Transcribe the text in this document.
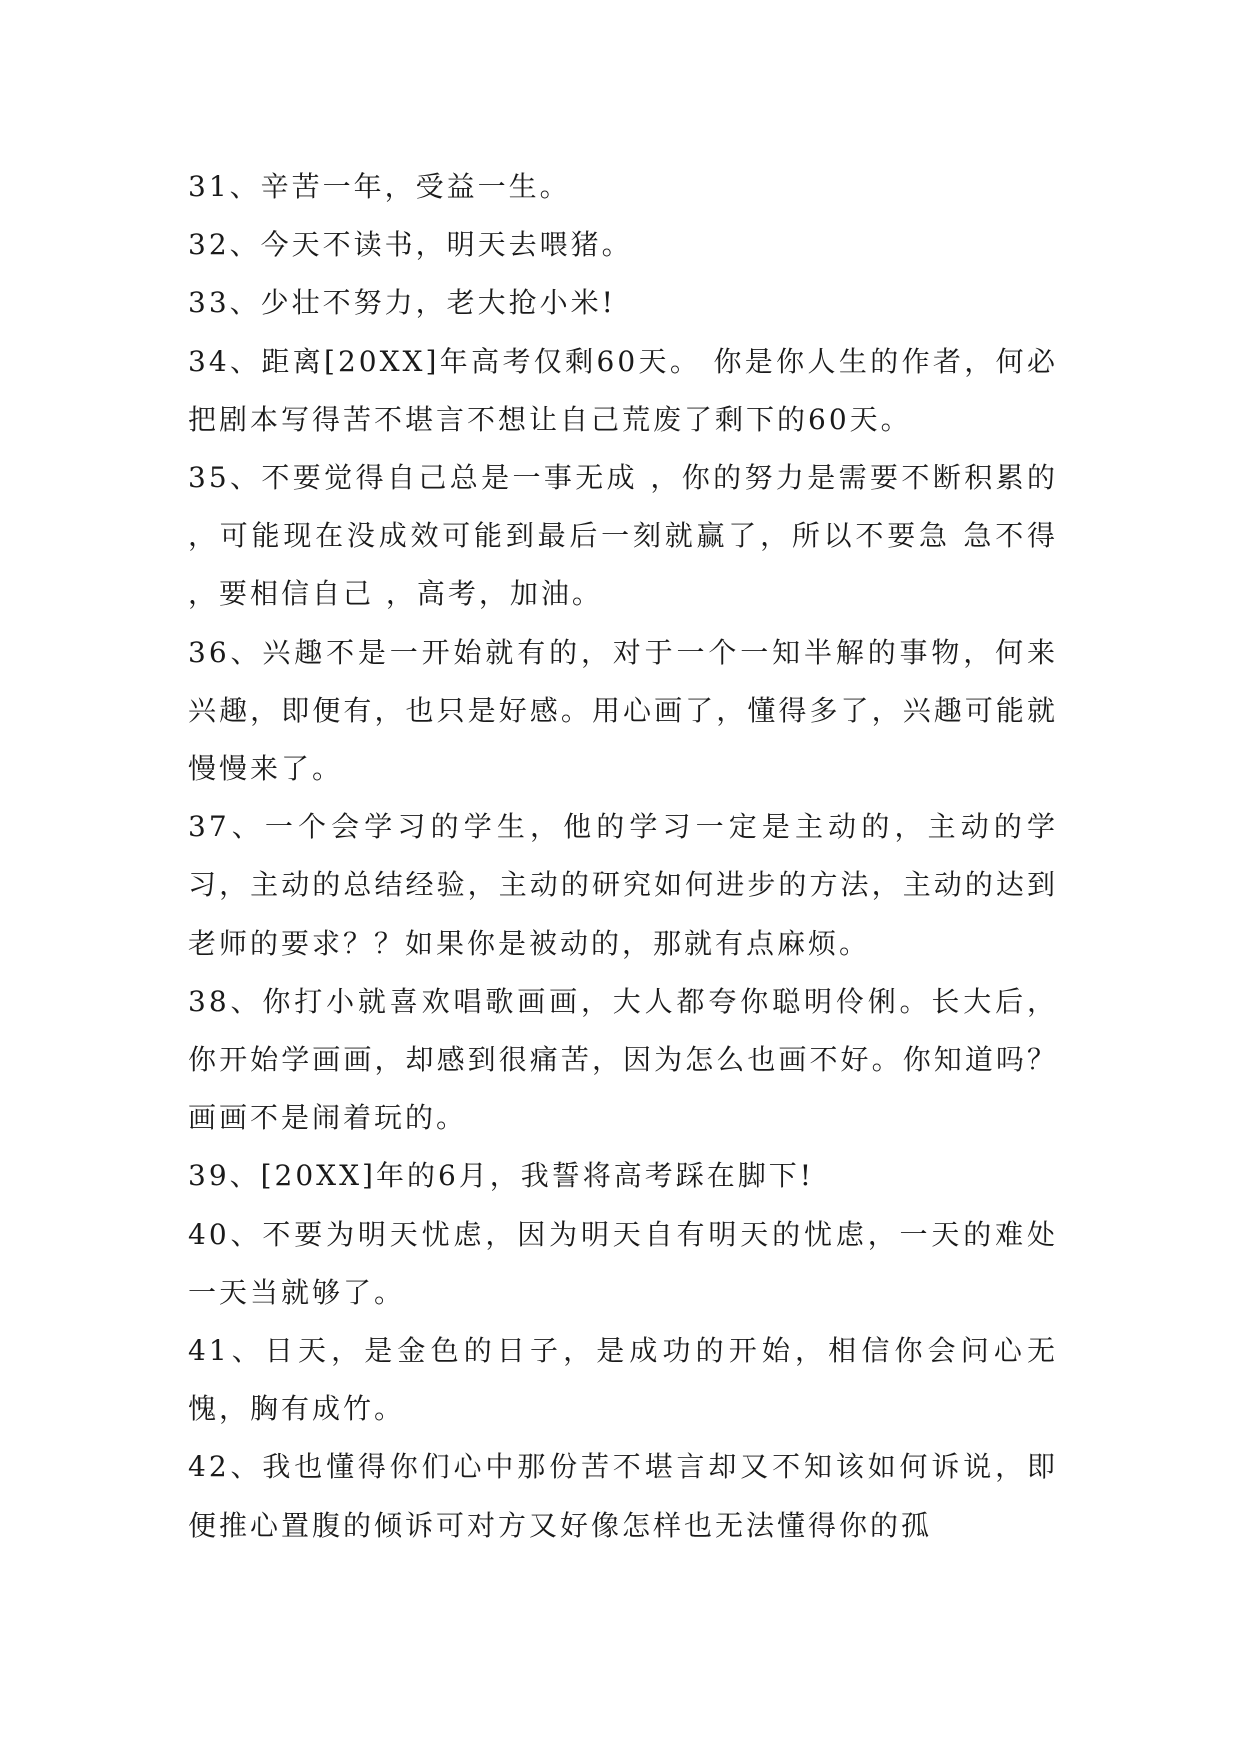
31、辛苦一年，受益一生。

32、今天不读书，明天去喂猪。

33、少壮不努力，老大抢小米!

34、距离[20XX]年高考仅剩60天。 你是你人生的作者，何必把剧本写得苦不堪言不想让自己荒废了剩下的60天。

35、不要觉得自己总是一事无成 ，你的努力是需要不断积累的 ，可能现在没成效可能到最后一刻就赢了，所以不要急 急不得 ，要相信自己 ，高考，加油。

36、兴趣不是一开始就有的，对于一个一知半解的事物，何来兴趣，即便有，也只是好感。用心画了，懂得多了，兴趣可能就慢慢来了。

37、一个会学习的学生，他的学习一定是主动的，主动的学习，主动的总结经验，主动的研究如何进步的方法，主动的达到老师的要求？？如果你是被动的，那就有点麻烦。

38、你打小就喜欢唱歌画画，大人都夸你聪明伶俐。长大后，你开始学画画，却感到很痛苦，因为怎么也画不好。你知道吗？画画不是闹着玩的。

39、[20XX]年的6月，我誓将高考踩在脚下!

40、不要为明天忧虑，因为明天自有明天的忧虑，一天的难处一天当就够了。

41、日天，是金色的日子，是成功的开始，相信你会问心无愧，胸有成竹。

42、我也懂得你们心中那份苦不堪言却又不知该如何诉说，即便推心置腹的倾诉可对方又好像怎样也无法懂得你的孤
